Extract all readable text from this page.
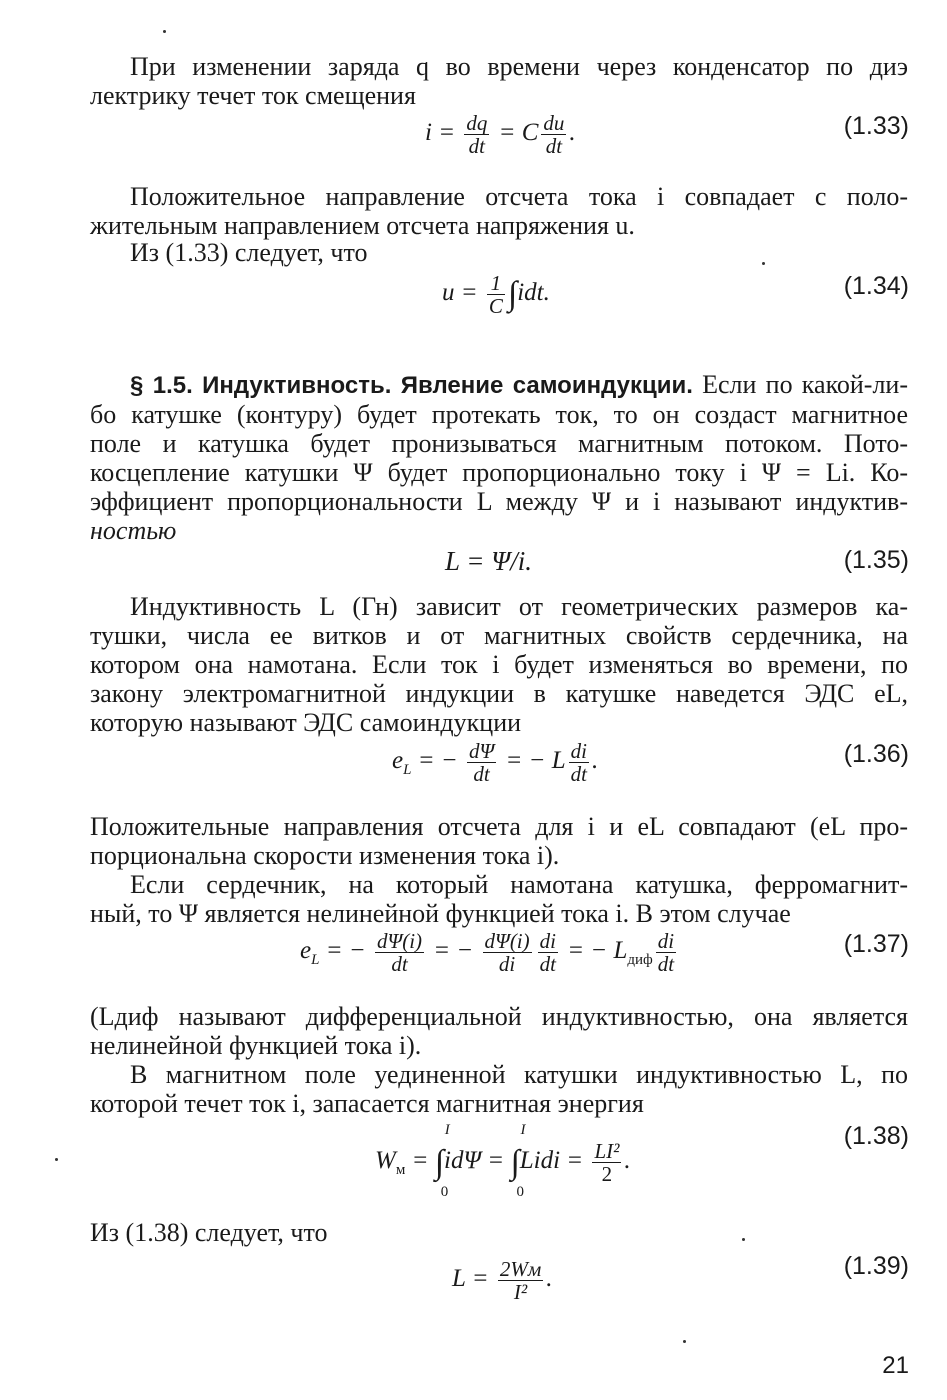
При изменении заряда q во времени через конденсатор по диэ
лектрику течет ток смещения
$i = \frac{dq}{dt} = C \frac{du}{dt}$ .	(1.33)
Положительное направление отсчета тока i совпадает с поло-
жительным направлением отсчета напряжения u.
Из (1.33) следует, что
$u = \frac{1}{C} \int idt$.	(1.34)
§ 1.5. Индуктивность. Явление самоиндукции. Если по какой-ли-
бо катушке (контуру) будет протекать ток, то он создаст магнитное
поле и катушка будет пронизываться магнитным потоком. Пото-
косцепление катушки Ψ будет пропорционально току i Ψ = Li. Ко-
эффициент пропорциональности L между Ψ и i называют индуктив-
ностью
L = Ψ/i.	(1.35)
Индуктивность L (Гн) зависит от геометрических размеров ка-
тушки, числа ее витков и от магнитных свойств сердечника, на
котором она намотана. Если ток i будет изменяться во времени, по
закону электромагнитной индукции в катушке наведется ЭДС eL,
которую называют ЭДС самоиндукции
$e_L$ = − $\frac{d\Psi}{dt}$ = − L $\frac{di}{dt}$ .	(1.36)
Положительные направления отсчета для i и eL совпадают (eL про-
порциональна скорости изменения тока i).
Если сердечник, на который намотана катушка, ферромагнит-
ный, то Ψ является нелинейной функцией тока i. В этом случае
$e_L$ = − $\frac{d\Psi(i)}{dt}$ = − $\frac{d\Psi(i)}{di} \frac{di}{dt}$ = − $L_{диф} \frac{di}{dt}$	(1.37)
(Lдиф называют дифференциальной индуктивностью, она является
нелинейной функцией тока i).
В магнитном поле уединенной катушки индуктивностью L, по
которой течет ток i, запасается магнитная энергия
$W_м$ =
I
∫
0
idΨ =
I
∫
0
Lidi = $\frac{\text{LI²}}{2}$ .
(1.38)
Из (1.38) следует, что
$L = \frac{2Wм}{\text{I²}}$ .	(1.39)
21
